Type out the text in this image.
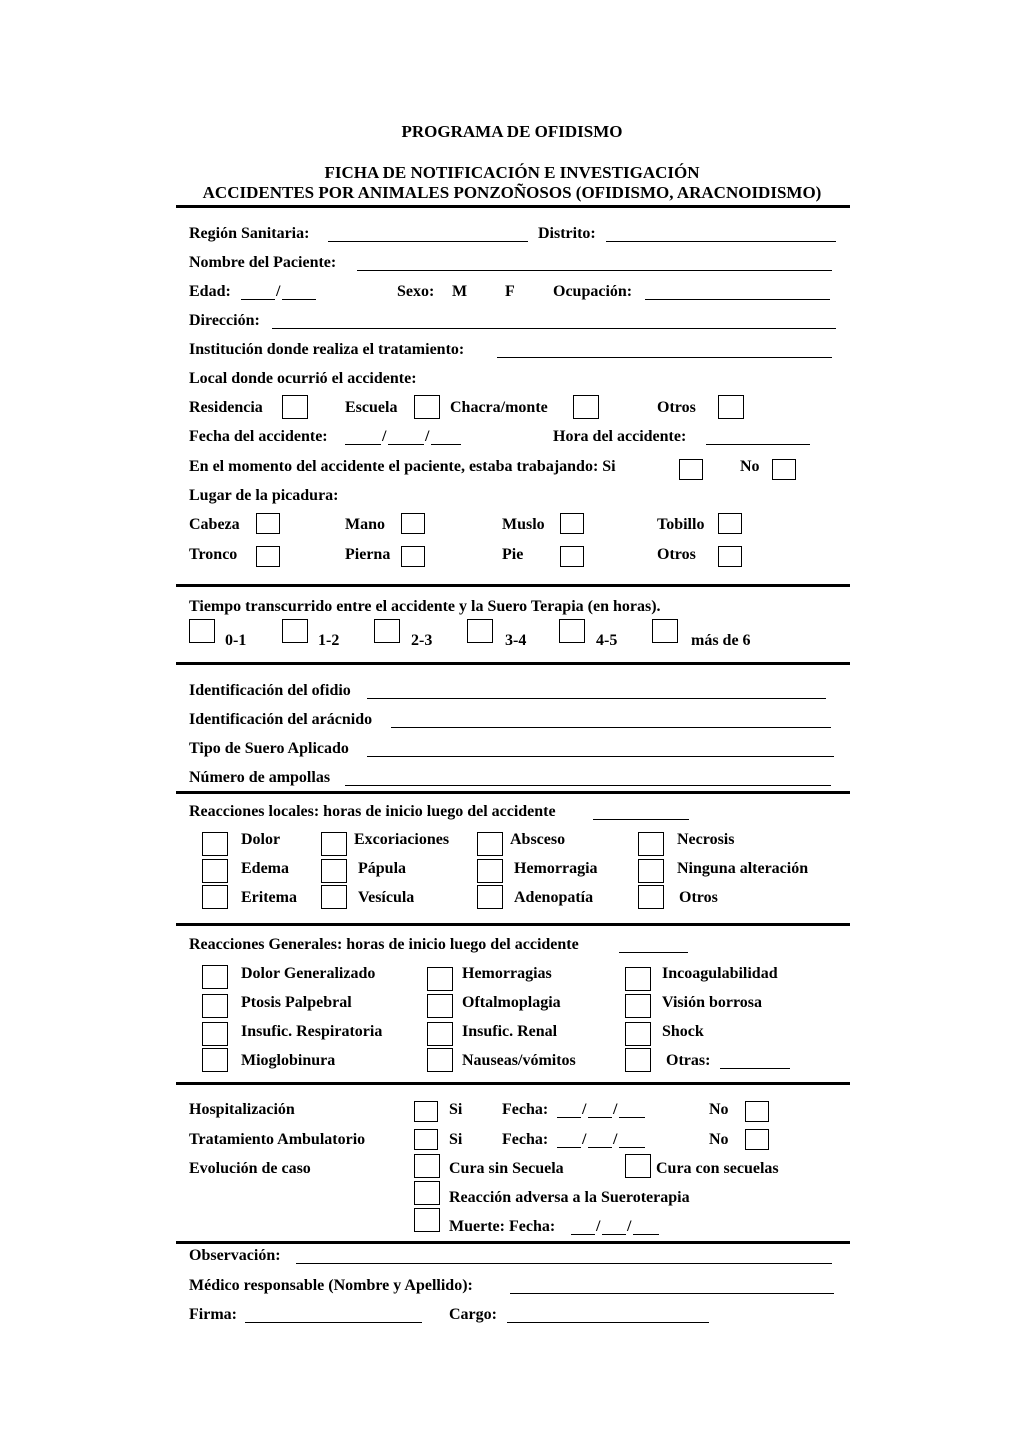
PROGRAMA DE OFIDISMO
FICHA DE NOTIFICACIÓN E INVESTIGACIÓN
ACCIDENTES POR ANIMALES PONZOÑOSOS (OFIDISMO, ARACNOIDISMO)
Región Sanitaria:	Distrito:
Nombre del Paciente:
Edad:	/	Sexo: M F Ocupación:
Dirección:
Institución donde realiza el tratamiento:
Local donde ocurrió el accidente:
Residencia	Escuela	Chacra/monte	Otros
Fecha del accidente:	/ /	Hora del accidente:
En el momento del accidente el paciente, estaba trabajando: Si	No
Lugar de la picadura:
Cabeza	Mano	Muslo	Tobillo
Tronco	Pierna	Pie	Otros
Tiempo transcurrido entre el accidente y la Suero Terapia (en horas).
0-1	1-2	2-3	3-4	4-5	más de 6
Identificación del ofidio
Identificación del arácnido
Tipo de Suero Aplicado
Número de ampollas
Reacciones locales: horas de inicio luego del accidente
Dolor	Excoriaciones	Absceso	Necrosis
Edema	Pápula	Hemorragia	Ninguna alteración
Eritema	Vesícula	Adenopatía	Otros
Reacciones Generales: horas de inicio luego del accidente
Dolor Generalizado	Hemorragias	Incoagulabilidad
Ptosis Palpebral	Oftalmoplagia	Visión borrosa
Insufic. Respiratoria	Insufic. Renal	Shock
Mioglobinura	Nauseas/vómitos	Otras:
Hospitalización	Si Fecha: / /	No
Tratamiento Ambulatorio	Si Fecha: / /	No
Evolución de caso	Cura sin Secuela	Cura con secuelas
Reacción adversa a la Sueroterapia
Muerte: Fecha:	/ /
Observación:
Médico responsable (Nombre y Apellido):
Firma:	Cargo:
